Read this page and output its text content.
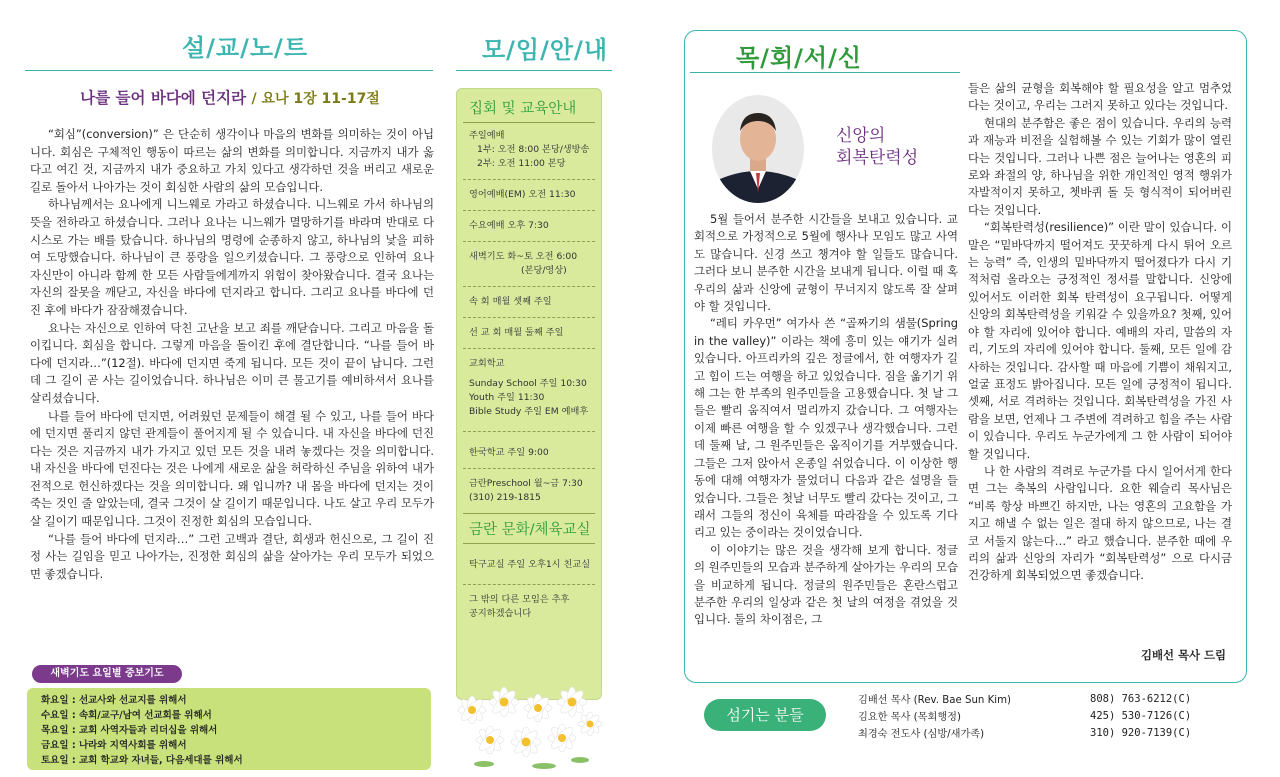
설/교/노/트
나를 들어 바다에 던지라 / 요나 1장 11-17절

“회심”(conversion)” 은 단순히 생각이나 마음의 변화를 의미하는 것이 아닙니다. 회심은 구체적인 행동이 따르는 삶의 변화를 의미합니다. 지금까지 내가 옳다고 여긴 것, 지금까지 내가 중요하고 가치 있다고 생각하던 것을 버리고 새로운 길로 돌아서 나아가는 것이 회심한 사람의 삶의 모습입니다.

하나님께서는 요나에게 니느웨로 가라고 하셨습니다. 니느웨로 가서 하나님의 뜻을 전하라고 하셨습니다. 그러나 요나는 니느웨가 멸망하기를 바라며 반대로 다시스로 가는 배를 탔습니다. 하나님의 명령에 순종하지 않고, 하나님의 낯을 피하여 도망했습니다. 하나님이 큰 풍랑을 일으키셨습니다. 그 풍랑으로 인하여 요나 자신만이 아니라 함께 한 모든 사람들에게까지 위험이 찾아왔습니다. 결국 요나는 자신의 잘못을 깨닫고, 자신을 바다에 던지라고 합니다. 그리고 요나를 바다에 던진 후에 바다가 잠잠해졌습니다.

요나는 자신으로 인하여 닥친 고난을 보고 죄를 깨닫습니다. 그리고 마음을 돌이킵니다. 회심을 합니다. 그렇게 마음을 돌이킨 후에 결단합니다. “나를 들어 바다에 던지라…”(12절). 바다에 던지면 죽게 됩니다. 모든 것이 끝이 납니다. 그런데 그 길이 곧 사는 길이었습니다. 하나님은 이미 큰 물고기를 예비하셔서 요나를 살리셨습니다.

나를 들어 바다에 던지면, 어려웠던 문제들이 해결 될 수 있고, 나를 들어 바다에 던지면 풀리지 않던 관계들이 풀어지게 될 수 있습니다. 내 자신을 바다에 던진다는 것은 지금까지 내가 가지고 있던 모든 것을 내려 놓겠다는 것을 의미합니다. 내 자신을 바다에 던진다는 것은 나에게 새로운 삶을 허락하신 주님을 위하여 내가전적으로 헌신하겠다는 것을 의미합니다. 왜 입니까? 내 몸을 바다에 던지는 것이 죽는 것인 줄 알았는데, 결국 그것이 살 길이기 때문입니다. 나도 살고 우리 모두가 살 길이기 때문입니다. 그것이 진정한 회심의 모습입니다.

“나를 들어 바다에 던지라…” 그런 고백과 결단, 희생과 헌신으로, 그 길이 진정 사는 길임을 믿고 나아가는, 진정한 회심의 삶을 살아가는 우리 모두가 되었으면 좋겠습니다.

새벽기도 요일별 중보기도
화요일 : 선교사와 선교지를 위해서
수요일 : 속회/교구/남여 선교회를 위해서
목요일 : 교회 사역자들과 리더십을 위해서
금요일 : 나라와 지역사회를 위해서
토요일 : 교회 학교와 자녀들, 다음세대를 위해서
모/임/안/내
집회 및 교육안내
주일예배
1부: 오전 8:00 본당/생방송
2부: 오전 11:00 본당
영어예배(EM) 오전 11:30
수요예배 오후 7:30
새벽기도 화~토 오전 6:00
(본당/영상)
속 회 매월 셋째 주일
선 교 회 매월 둘째 주일
교회학교
Sunday School 주일 10:30
Youth 주일 11:30
Bible Study 주일 EM 예배후
한국학교 주일 9:00
금란Preschool 월~금 7:30
(310) 219-1815
금란 문화/체육교실
탁구교실 주일 오후1시 친교실
그 밖의 다른 모임은 추후
공지하겠습니다
목/회/서/신
신앙의
회복탄력성

5월 들어서 분주한 시간들을 보내고 있습니다. 교회적으로 가정적으로 5월에 행사나 모임도 많고 사역도 많습니다. 신경 쓰고 챙겨야 할 일들도 많습니다. 그러다 보니 분주한 시간을 보내게 됩니다. 이럴 때 혹 우리의 삶과 신앙에 균형이 무너지지 않도록 잘 살펴야 할 것입니다.

“레티 카우먼” 여가사 쓴 “골짜기의 샘물(Spring in the valley)” 이라는 책에 흥미 있는 얘기가 실려 있습니다. 아프리카의 깊은 정글에서, 한 여행자가 길고 힘이 드는 여행을 하고 있었습니다. 짐을 옮기기 위해 그는 한 부족의 원주민들을 고용했습니다. 첫 날 그들은 빨리 움직여서 멀리까지 갔습니다. 그 여행자는 이제 빠른 여행을 할 수 있겠구나 생각했습니다. 그런데 둘째 날, 그 원주민들은 움직이기를 거부했습니다. 그들은 그저 앉아서 온종일 쉬었습니다. 이 이상한 행동에 대해 여행자가 물었더니 다음과 같은 설명을 들었습니다. 그들은 첫날 너무도 빨리 갔다는 것이고, 그래서 그들의 정신이 육체를 따라잡을 수 있도록 기다리고 있는 중이라는 것이었습니다.

이 이야기는 많은 것을 생각해 보게 합니다. 정글의 원주민들의 모습과 분주하게 살아가는 우리의 모습을 비교하게 됩니다. 정글의 원주민들은 혼란스럽고 분주한 우리의 일상과 같은 첫 날의 여정을 겪었을 것입니다. 둘의 차이점은, 그

들은 삶의 균형을 회복해야 할 필요성을 알고 멈추었다는 것이고, 우리는 그러지 못하고 있다는 것입니다.

현대의 분주함은 좋은 점이 있습니다. 우리의 능력과 재능과 비전을 실험해볼 수 있는 기회가 많이 열린다는 것입니다. 그러나 나쁜 점은 늘어나는 영혼의 피로와 좌절의 양, 하나님을 위한 개인적인 영적 행위가 자발적이지 못하고, 쳇바퀴 돌 듯 형식적이 되어버린다는 것입니다.

“회복탄력성(resilience)” 이란 말이 있습니다. 이 말은 “밑바닥까지 떨어져도 꿋꿋하게 다시 튀어 오르는 능력” 즉, 인생의 밑바닥까지 떨어졌다가 다시 기적처럼 올라오는 긍정적인 정서를 말합니다. 신앙에 있어서도 이러한 회복 탄력성이 요구됩니다. 어떻게 신앙의 회복탄력성을 키워갈 수 있을까요? 첫째, 있어야 할 자리에 있어야 합니다. 예배의 자리, 말씀의 자리, 기도의 자리에 있어야 합니다. 둘째, 모든 일에 감사하는 것입니다. 감사할 때 마음에 기쁨이 채워지고, 얼굴 표정도 밝아집니다. 모든 일에 긍정적이 됩니다. 셋째, 서로 격려하는 것입니다. 회복탄력성을 가진 사람을 보면, 언제나 그 주변에 격려하고 힘을 주는 사람이 있습니다. 우리도 누군가에게 그 한 사람이 되어야 할 것입니다.

나 한 사람의 격려로 누군가를 다시 일어서게 한다면 그는 축복의 사람입니다. 요한 웨슬리 목사님은 “비록 항상 바쁘긴 하지만, 나는 영혼의 고요함을 가지고 해낼 수 없는 일은 절대 하지 않으므로, 나는 결코 서둘지 않는다…” 라고 했습니다. 분주한 때에 우리의 삶과 신앙의 자리가 “회복탄력성” 으로 다시금 건강하게 회복되었으면 좋겠습니다.

김배선 목사 드림
섬기는 분들
김배선 목사 (Rev. Bae Sun Kim)	808) 763-6212(C)
김요한 목사 (목회행정)	425) 530-7126(C)
최경숙 전도사 (심방/새가족)	310) 920-7139(C)
